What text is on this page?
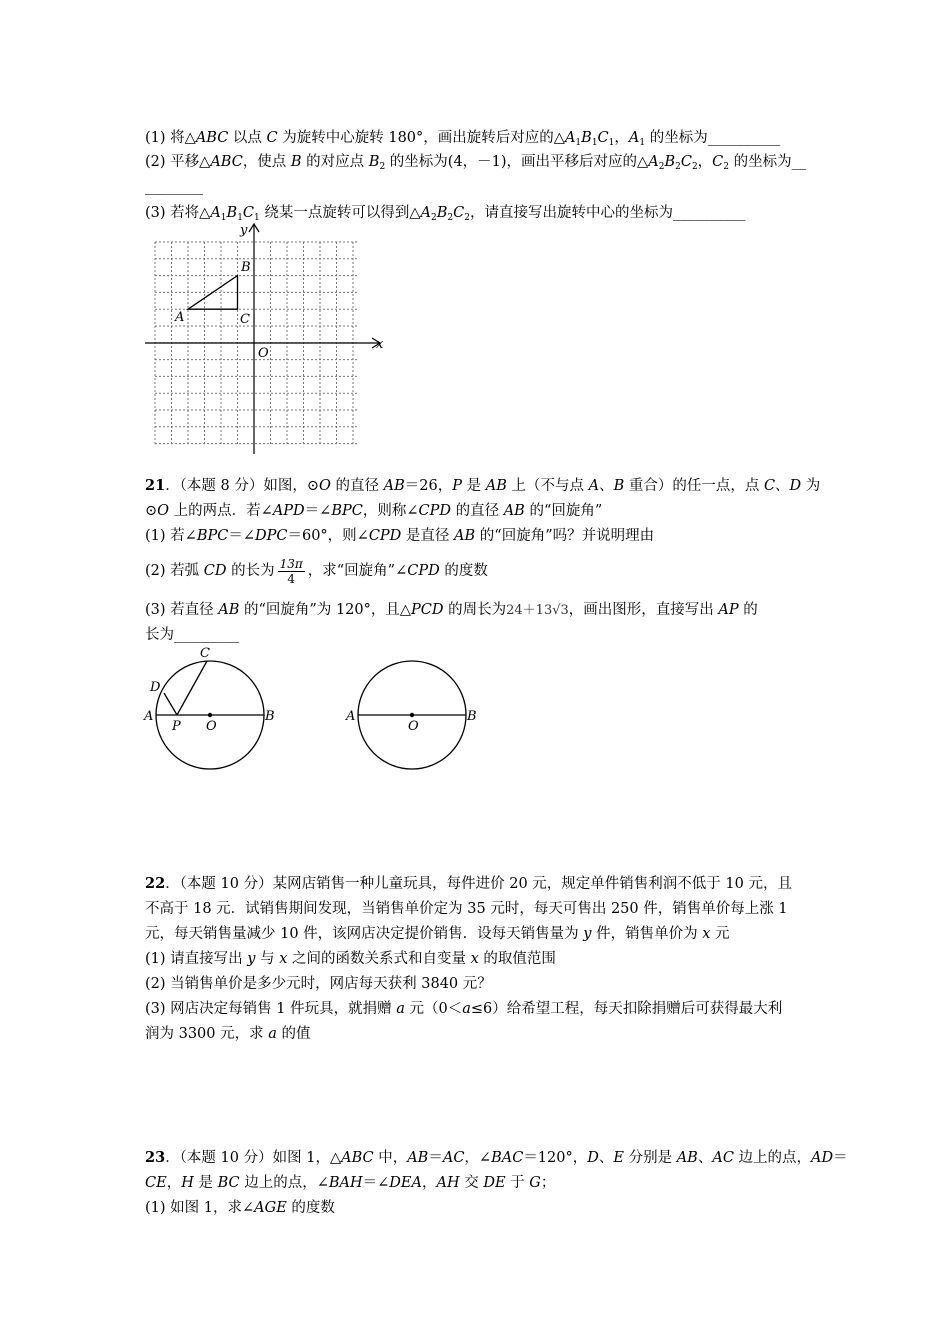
(1) 将△ABC 以点 C 为旋转中心旋转 180°，画出旋转后对应的$\triangle A_1B_1C_1$，$A_1$ 的坐标为__________
(2) 平移△ABC，使点 B 的对应点 $B_2$ 的坐标为(4，－1)，画出平移后对应的$\triangle A_2B_2C_2$，$C_2$ 的坐标为__
________
(3) 若将$\triangle A_1B_1C_1$ 绕某一点旋转可以得到$\triangle A_2B_2C_2$，请直接写出旋转中心的坐标为__________
y
x
A
B
C
O
21．（本题 8 分）如图，⊙O 的直径 AB＝26，P 是 AB 上（不与点 A、B 重合）的任一点，点 C、D 为
⊙O 上的两点．若∠APD＝∠BPC，则称∠CPD 的直径 AB 的“回旋角”
(1) 若∠BPC＝∠DPC＝60°，则∠CPD 是直径 AB 的“回旋角”吗？并说明理由
(2) 若弧 CD 的长为 $\frac{13\pi}{4}$ ，求“回旋角”∠CPD 的度数
(3) 若直径 AB 的“回旋角”为 120°，且△PCD 的周长为24＋13√3，画出图形，直接写出 AP 的
长为_________
C
D
A
P O
B	A
O
B
22．（本题 10 分）某网店销售一种儿童玩具，每件进价 20 元，规定单件销售利润不低于 10 元，且
不高于 18 元．试销售期间发现，当销售单价定为 35 元时，每天可售出 250 件，销售单价每上涨 1
元，每天销售量减少 10 件，该网店决定提价销售．设每天销售量为 y 件，销售单价为 x 元
(1) 请直接写出 y 与 x 之间的函数关系式和自变量 x 的取值范围
(2) 当销售单价是多少元时，网店每天获利 3840 元？
(3) 网店决定每销售 1 件玩具，就捐赠 a 元（0＜a≤6）给希望工程，每天扣除捐赠后可获得最大利
润为 3300 元，求 a 的值
23．（本题 10 分）如图 1，△ABC 中，AB＝AC，∠BAC＝120°，D、E 分别是 AB、AC 边上的点，AD＝
CE，H 是 BC 边上的点，∠BAH＝∠DEA，AH 交 DE 于 G；
(1) 如图 1，求∠AGE 的度数
